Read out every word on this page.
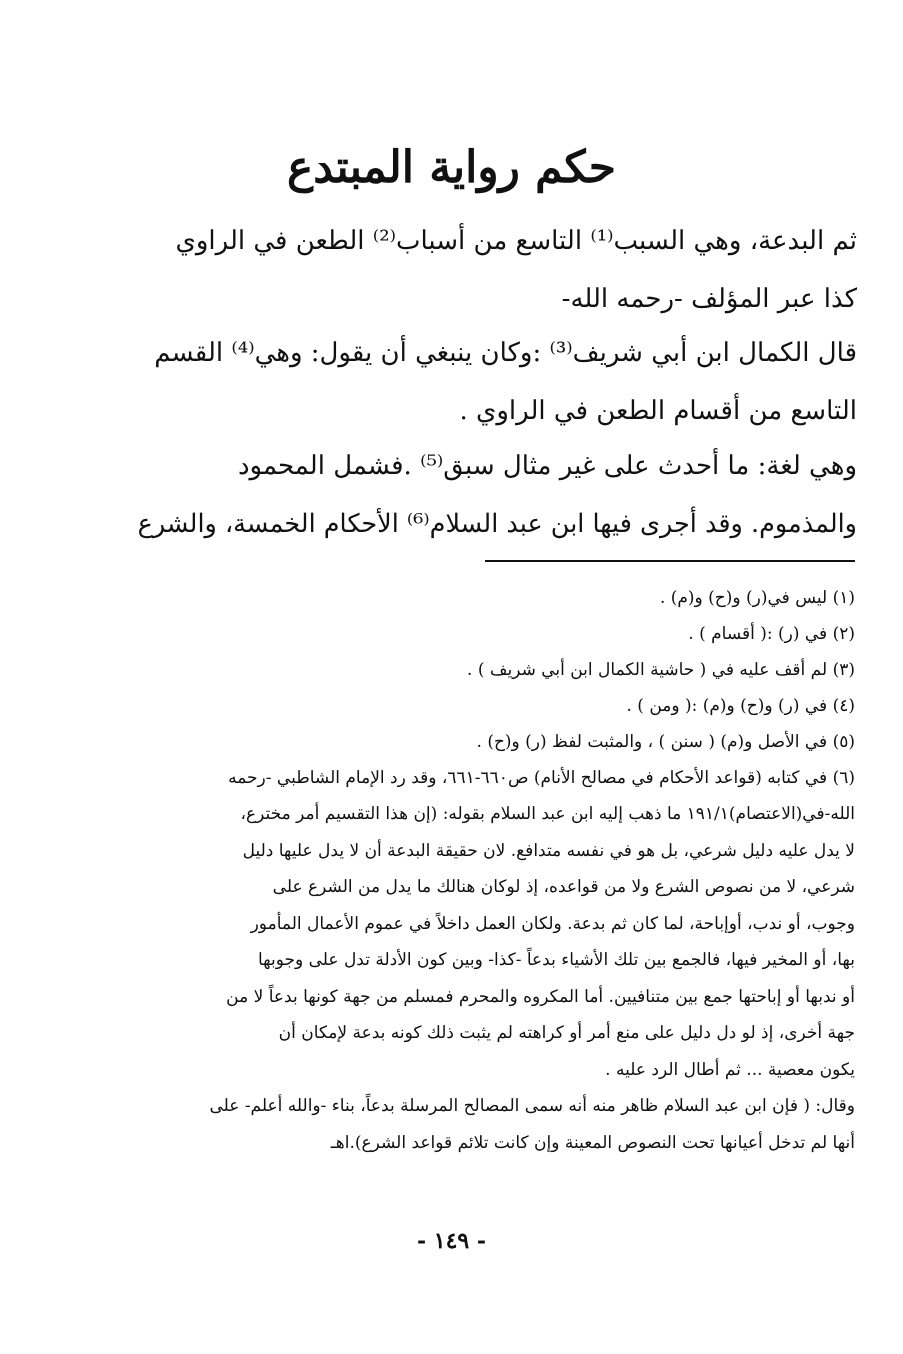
حكم رواية المبتدع

ثم البدعة، وهي السبب⁽¹⁾ التاسع من أسباب⁽²⁾ الطعن في الراوي

كذا عبر المؤلف -رحمه الله-

قال الكمال ابن أبي شريف⁽³⁾ :وكان ينبغي أن يقول: وهي⁽⁴⁾ القسم

التاسع من أقسام الطعن في الراوي .

وهي لغة: ما أحدث على غير مثال سبق⁽⁵⁾ .فشمل المحمود

والمذموم. وقد أجرى فيها ابن عبد السلام⁽⁶⁾ الأحكام الخمسة، والشرع

(١) ليس في(ر) و(ح) و(م) .

(٢) في (ر) :( أقسام ) .

(٣) لم أقف عليه في ( حاشية الكمال ابن أبي شريف ) .

(٤) في (ر) و(ح) و(م) :( ومن ) .

(٥) في الأصل و(م) ( سنن ) ، والمثبت لفظ (ر) و(ح) .

(٦) في كتابه (قواعد الأحكام في مصالح الأنام) ص٦٦٠-٦٦١، وقد رد الإمام الشاطبي -رحمه

الله-في(الاعتصام)١٩١/١ ما ذهب إليه ابن عبد السلام بقوله: (إن هذا التقسيم أمر مخترع،

لا يدل عليه دليل شرعي، بل هو في نفسه متدافع. لان حقيقة البدعة أن لا يدل عليها دليل

شرعي، لا من نصوص الشرع ولا من قواعده، إذ لوكان هنالك ما يدل من الشرع على

وجوب، أو ندب، أوإباحة، لما كان ثم بدعة. ولكان العمل داخلاً في عموم الأعمال المأمور

بها، أو المخير فيها، فالجمع بين تلك الأشياء بدعاً -كذا- وبين كون الأدلة تدل على وجوبها

أو ندبها أو إباحتها جمع بين متنافيين. أما المكروه والمحرم فمسلم من جهة كونها بدعاً لا من

جهة أخرى، إذ لو دل دليل على منع أمر أو كراهته لم يثبت ذلك كونه بدعة لإمكان أن

يكون معصية ... ثم أطال الرد عليه .

وقال: ( فإن ابن عبد السلام ظاهر منه أنه سمى المصالح المرسلة بدعاً، بناء -والله أعلم- على

أنها لم تدخل أعيانها تحت النصوص المعينة وإن كانت تلائم قواعد الشرع).اهـ

- ١٤٩ -
